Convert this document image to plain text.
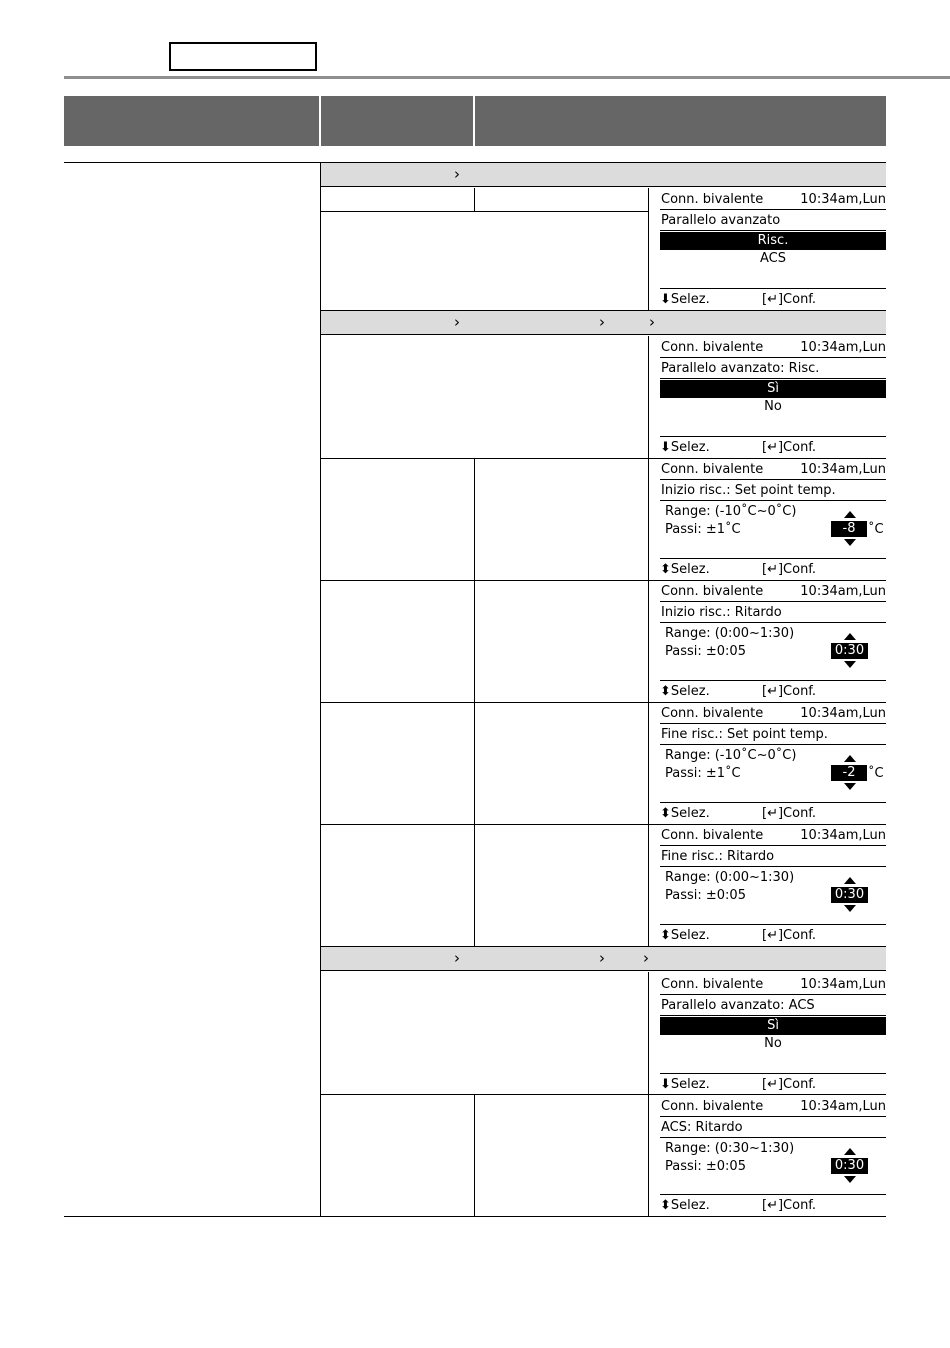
›
›	›	›
›	›	›
Conn. bivalente	10:34am,Lun
Parallelo avanzato
Risc.
ACS
⬇Selez.	[↵]Conf.
Conn. bivalente	10:34am,Lun
Parallelo avanzato: Risc.
Sì
No
⬇Selez.	[↵]Conf.
Conn. bivalente	10:34am,Lun
Inizio risc.: Set point temp.
Range: (-10˚C~0˚C)
Passi: ±1˚C	-8 ˚C
⬍Selez.	[↵]Conf.
Conn. bivalente	10:34am,Lun
Inizio risc.: Ritardo
Range: (0:00~1:30)
Passi: ±0:05	0:30
⬍Selez.	[↵]Conf.
Conn. bivalente	10:34am,Lun
Fine risc.: Set point temp.
Range: (-10˚C~0˚C)
Passi: ±1˚C	-2 ˚C
⬍Selez.	[↵]Conf.
Conn. bivalente	10:34am,Lun
Fine risc.: Ritardo
Range: (0:00~1:30)
Passi: ±0:05	0:30
⬍Selez.	[↵]Conf.
Conn. bivalente	10:34am,Lun
Parallelo avanzato: ACS
Sì
No
⬇Selez.	[↵]Conf.
Conn. bivalente	10:34am,Lun
ACS: Ritardo
Range: (0:30~1:30)
Passi: ±0:05	0:30
⬍Selez.	[↵]Conf.
